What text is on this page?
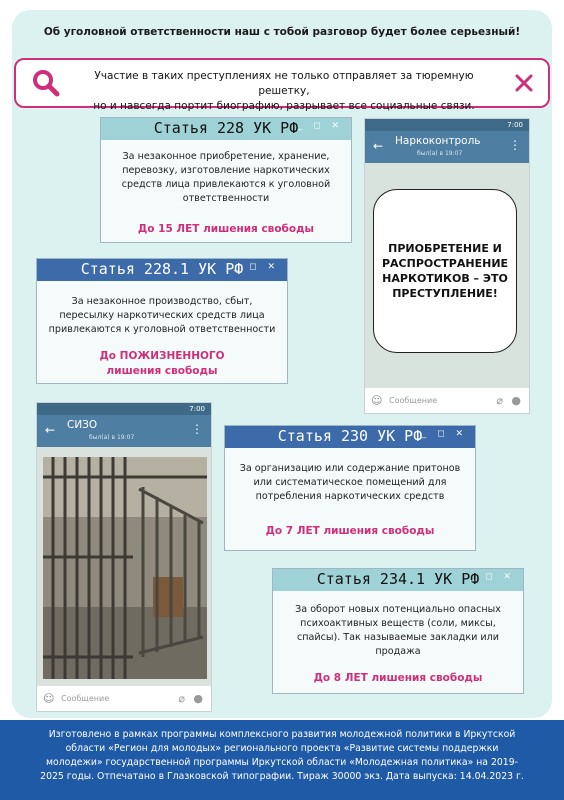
Об уголовной ответственности наш с тобой разговор будет более серьезный!
Участие в таких преступлениях не только отправляет за тюремную решетку,
но и навсегда портит биографию, разрывает все социальные связи.
Статья 228 УК РФ _ ◻ ✕
За незаконное приобретение, хранение,
перевозку, изготовление наркотических
средств лица привлекаются к уголовной
ответственности
До 15 ЛЕТ лишения свободы
Статья 228.1 УК РФ
_ ◻ ✕
За незаконное производство, сбыт,
пересылку наркотических средств лица
привлекаются к уголовной ответственности
До ПОЖИЗНЕННОГО
лишения свободы
7:00
← Наркоконтроль
был(а) в 19:07
⋮
ПРИОБРЕТЕНИЕ И
РАСПРОСТРАНЕНИЕ
НАРКОТИКОВ – ЭТО
ПРЕСТУПЛЕНИЕ!
☺ Сообщение	⌀ ●
7:00
← СИЗО
был(а) в 19:07
⋮
☺ Сообщение	⌀ ●
Статья 230 УК РФ _ ◻ ✕
За организацию или содержание притонов
или систематическое помещений для
потребления наркотических средств
До 7 ЛЕТ лишения свободы
Статья 234.1 УК РФ
_ ◻ ✕
За оборот новых потенциально опасных
психоактивных веществ (соли, миксы,
спайсы). Так называемые закладки или
продажа
До 8 ЛЕТ лишения свободы
Изготовлено в рамках программы комплексного развития молодежной политики в Иркутской
области «Регион для молодых» регионального проекта «Развитие системы поддержки
молодежи» государственной программы Иркутской области «Молодежная политика» на 2019-
2025 годы. Отпечатано в Глазковской типографии. Тираж 30000 экз. Дата выпуска: 14.04.2023 г.
